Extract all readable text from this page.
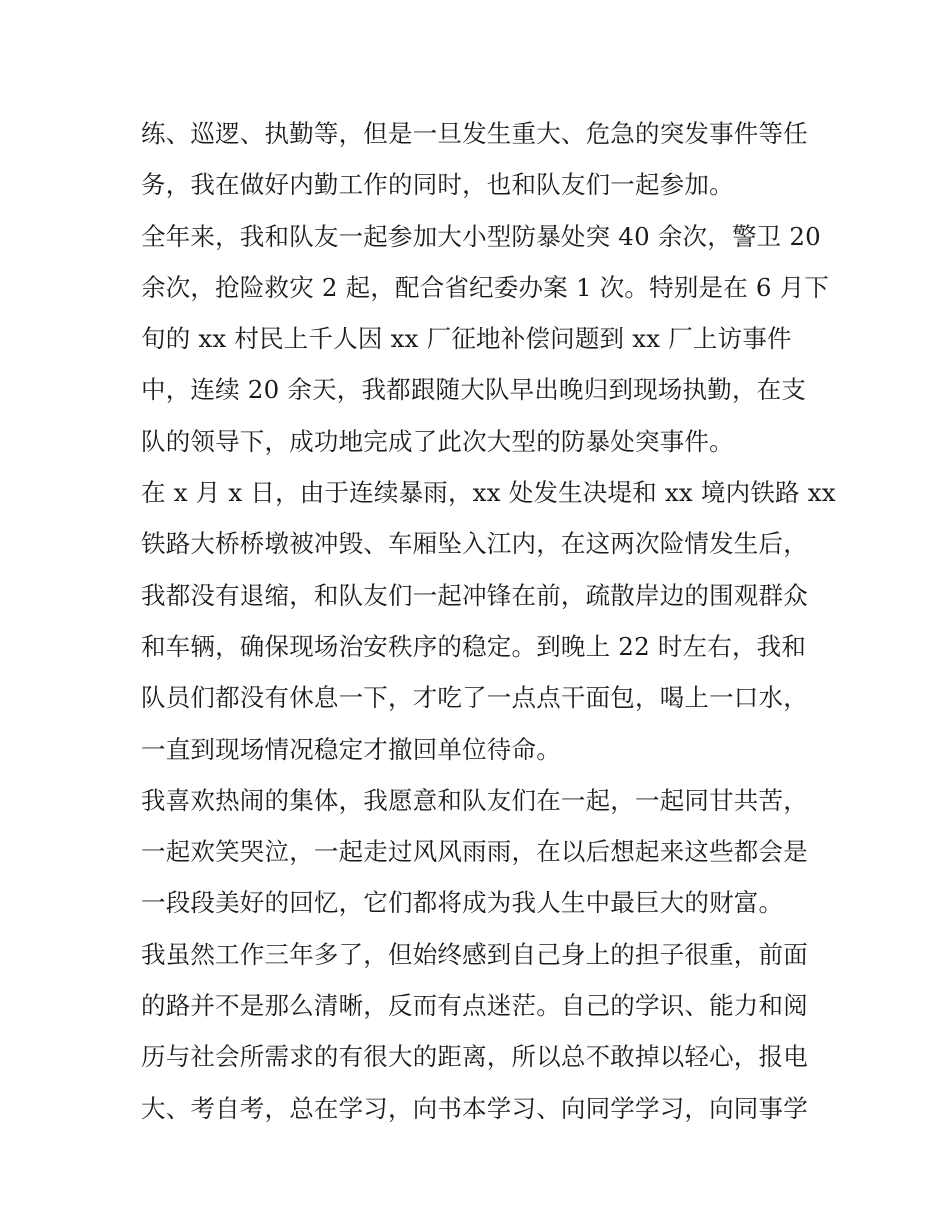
练、巡逻、执勤等，但是一旦发生重大、危急的突发事件等任
务，我在做好内勤工作的同时，也和队友们一起参加。
全年来，我和队友一起参加大小型防暴处突 40 余次，警卫 20
余次，抢险救灾 2 起，配合省纪委办案 1 次。特别是在 6 月下
旬的 xx 村民上千人因 xx 厂征地补偿问题到 xx 厂上访事件
中，连续 20 余天，我都跟随大队早出晚归到现场执勤，在支
队的领导下，成功地完成了此次大型的防暴处突事件。
在 x 月 x 日，由于连续暴雨，xx 处发生决堤和 xx 境内铁路 xx
铁路大桥桥墩被冲毁、车厢坠入江内，在这两次险情发生后，
我都没有退缩，和队友们一起冲锋在前，疏散岸边的围观群众
和车辆，确保现场治安秩序的稳定。到晚上 22 时左右，我和
队员们都没有休息一下，才吃了一点点干面包，喝上一口水，
一直到现场情况稳定才撤回单位待命。
我喜欢热闹的集体，我愿意和队友们在一起，一起同甘共苦，
一起欢笑哭泣，一起走过风风雨雨，在以后想起来这些都会是
一段段美好的回忆，它们都将成为我人生中最巨大的财富。
我虽然工作三年多了，但始终感到自己身上的担子很重，前面
的路并不是那么清晰，反而有点迷茫。自己的学识、能力和阅
历与社会所需求的有很大的距离，所以总不敢掉以轻心，报电
大、考自考，总在学习，向书本学习、向同学学习，向同事学
